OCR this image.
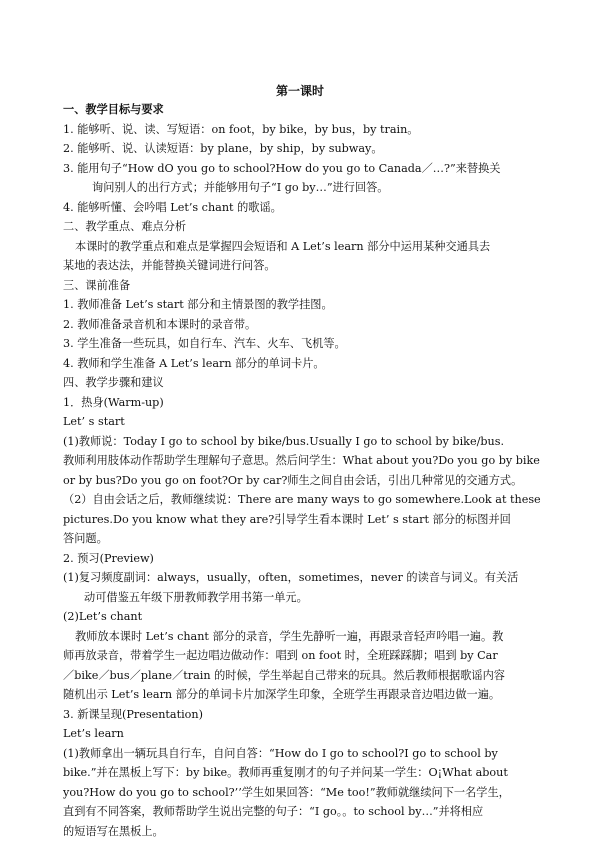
第一课时
一、教学目标与要求
1. 能够听、说、读、写短语：on foot，by bike，by bus，by train。
2. 能够听、说、认读短语：by plane，by ship，by subway。
3. 能用句子“How dO you go to school?How do you go to Canada／…?”来替换关
询问别人的出行方式；并能够用句子“I go by…”进行回答。
4. 能够听懂、会吟唱 Let’s chant 的歌谣。
二、教学重点、难点分析
本课时的教学重点和难点是掌握四会短语和 A Let’s learn 部分中运用某种交通具去
某地的表达法，并能替换关键词进行问答。
三、课前准备
1. 教师准备 Let’s start 部分和主情景图的教学挂图。
2. 教师准备录音机和本课时的录音带。
3. 学生准备一些玩具，如自行车、汽车、火车、飞机等。
4. 教师和学生准备 A Let’s learn 部分的单词卡片。
四、教学步骤和建议
1．热身(Warm-up)
Let’ s start
(1)教师说：Today I go to school by bike/bus.Usually I go to school by bike/bus.
教师利用肢体动作帮助学生理解句子意思。然后问学生：What about you?Do you go by bike
or by bus?Do you go on foot?Or by car?师生之间自由会话，引出几种常见的交通方式。
（2）自由会话之后，教师继续说：There are many ways to go somewhere.Look at these
pictures.Do you know what they are?引导学生看本课时 Let’ s start 部分的标图并回
答问题。
2. 预习(Preview)
(1)复习频度副词：always，usually，often，sometimes，never 的读音与词义。有关活
动可借鉴五年级下册教师教学用书第一单元。
(2)Let’s chant
教师放本课时 Let’s chant 部分的录音，学生先静听一遍，再跟录音轻声吟唱一遍。教
师再放录音，带着学生一起边唱边做动作：唱到 on foot 时，全班踩踩脚；唱到 by Car
／bike／bus／plane／train 的时候，学生举起自己带来的玩具。然后教师根据歌谣内容
随机出示 Let’s learn 部分的单词卡片加深学生印象，全班学生再跟录音边唱边做一遍。
3. 新课呈现(Presentation)
Let’s learn
(1)教师拿出一辆玩具自行车，自问自答：“How do I go to school?I go to school by
bike.”并在黑板上写下：by bike。教师再重复刚才的句子并问某一学生：O¡What about
you?How do you go to school?’’学生如果回答：“Me too!”教师就继续问下一名学生，
直到有不同答案，教师帮助学生说出完整的句子：“I go。。to school by…”并将相应
的短语写在黑板上。
